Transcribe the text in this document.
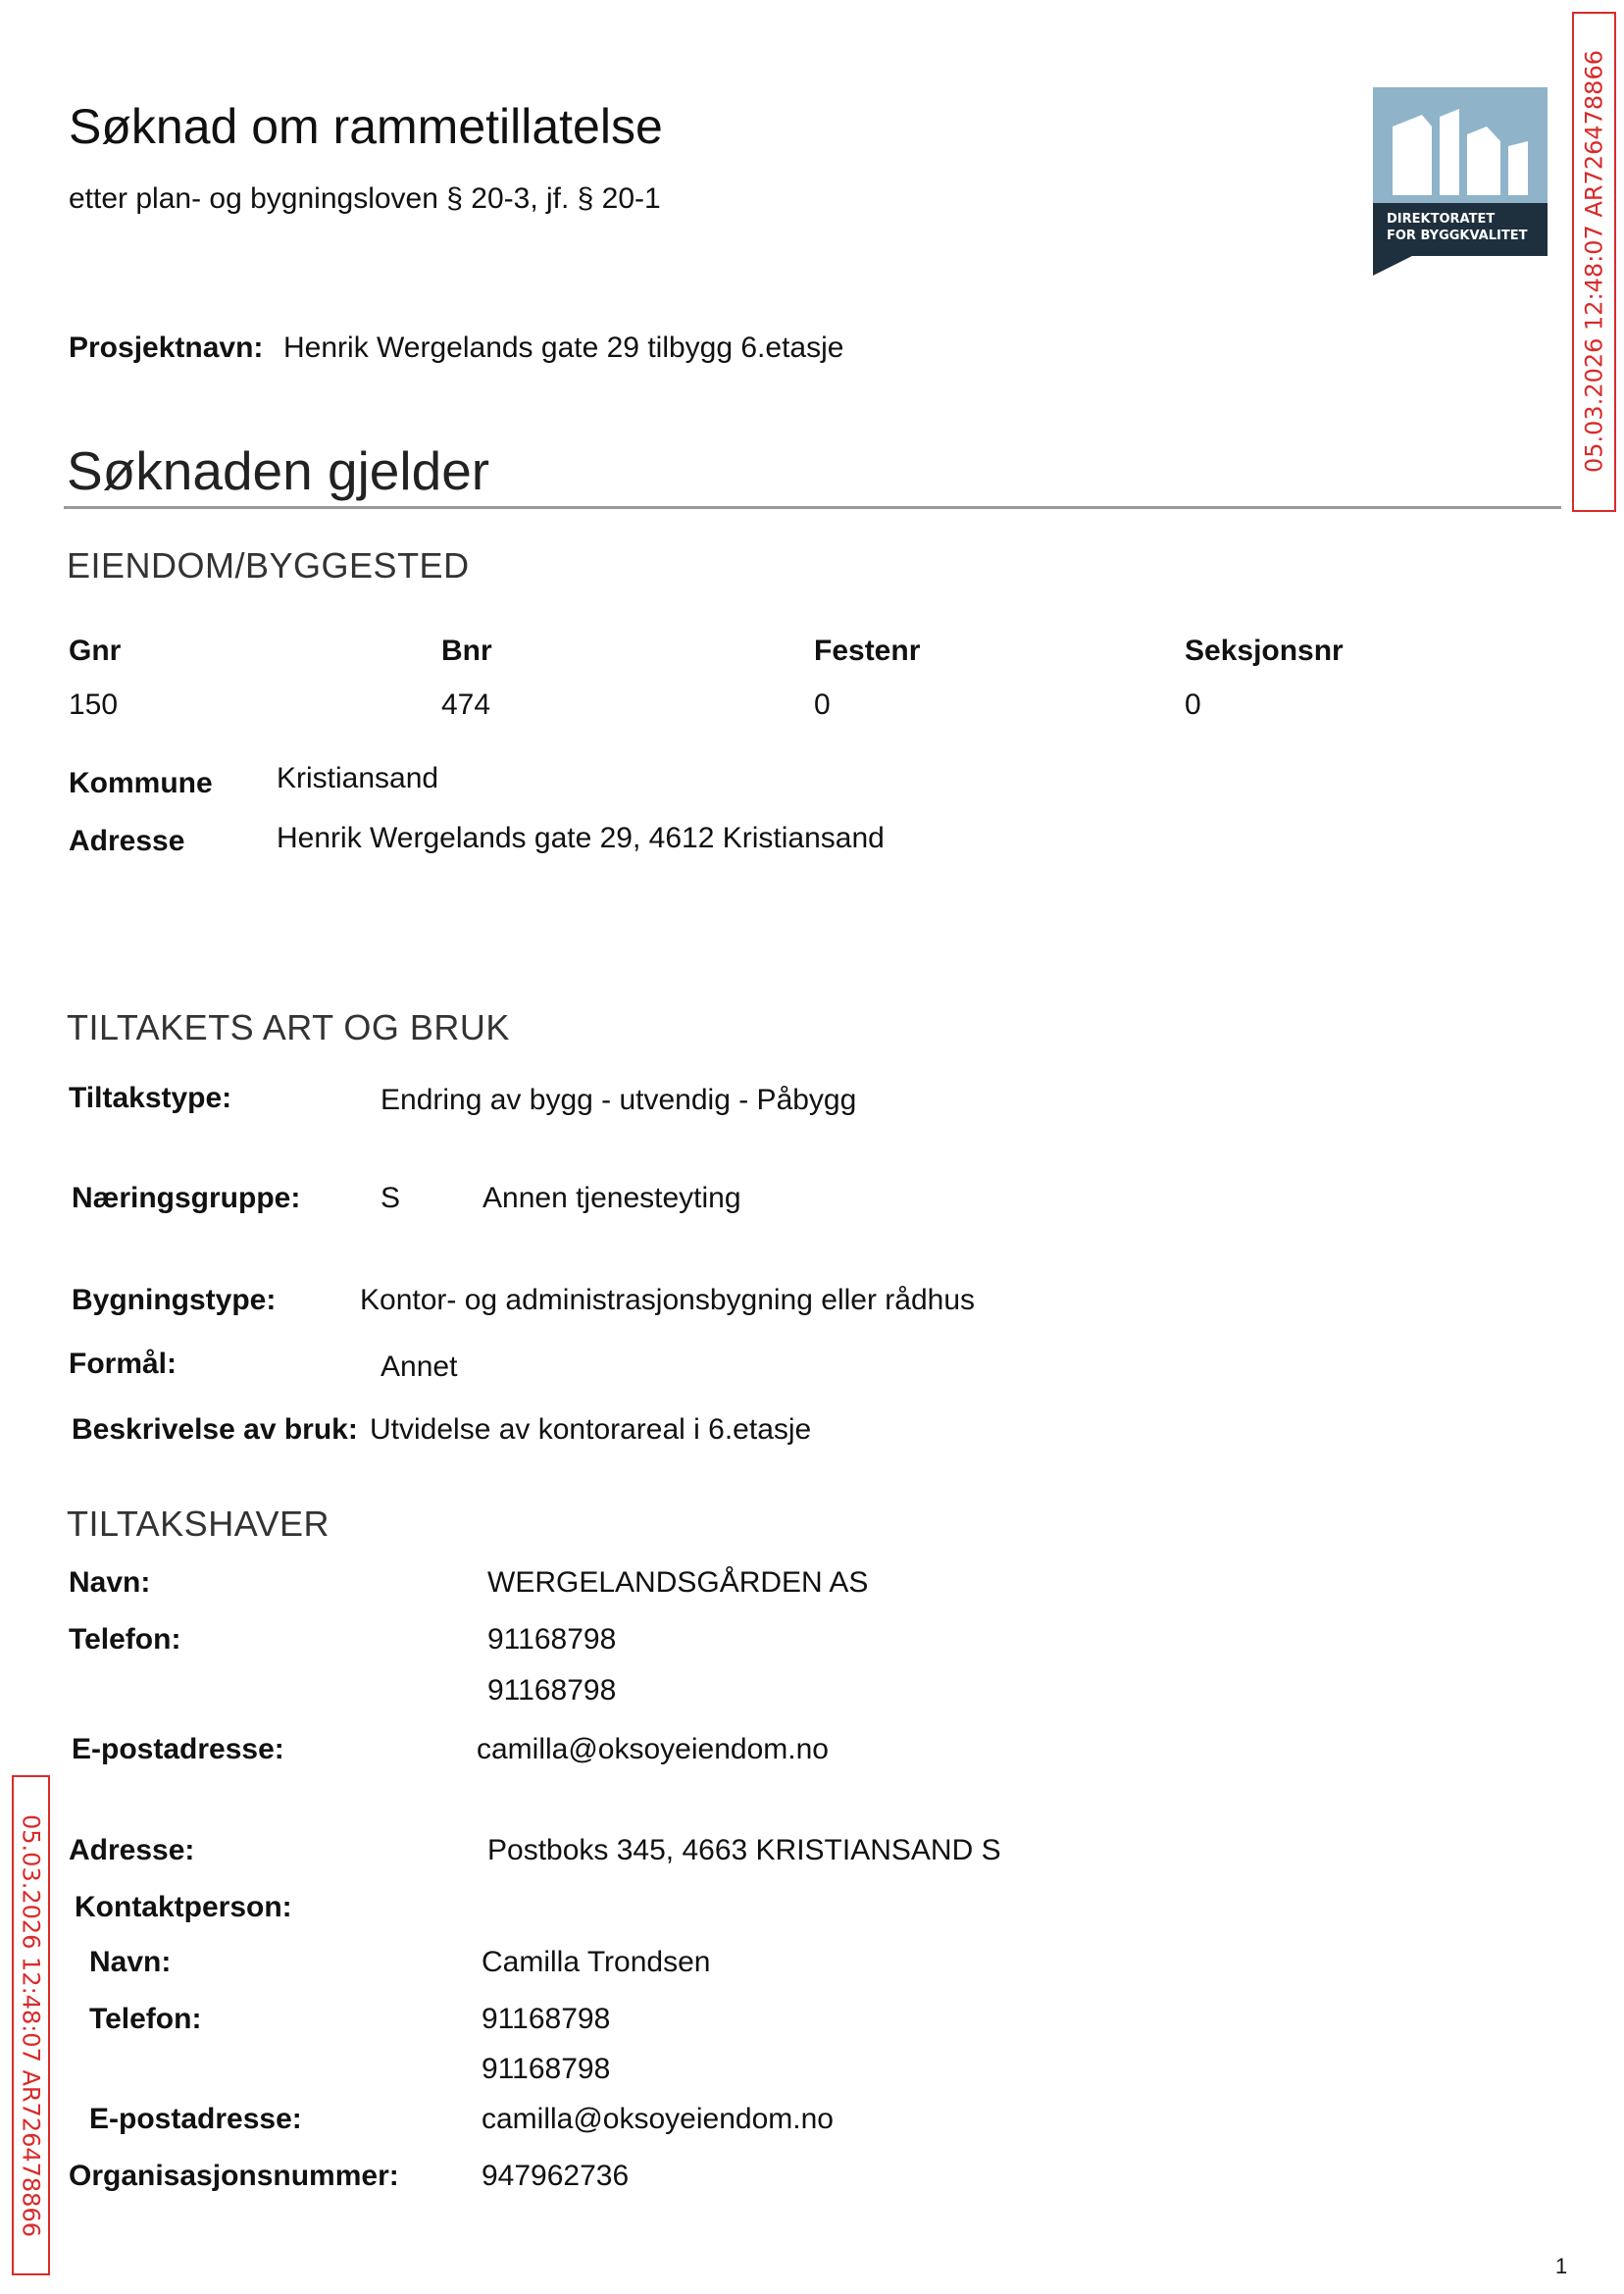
Søknad om rammetillatelse
etter plan- og bygningsloven § 20-3, jf. § 20-1
DIREKTORATET
FOR BYGGKVALITET	05.03.2026 12:48:07 AR726478866
05.03.2026 12:48:07 AR726478866
Prosjektnavn: Henrik Wergelands gate 29 tilbygg 6.etasje
Søknaden gjelder
EIENDOM/BYGGESTED
Gnr	Bnr	Festenr	Seksjonsnr
150	474	0	0
Kommune Kristiansand
Adresse	Henrik Wergelands gate 29, 4612 Kristiansand
TILTAKETS ART OG BRUK
Tiltakstype:	Endring av bygg - utvendig - Påbygg
Næringsgruppe:	S	Annen tjenesteyting
Bygningstype:	Kontor- og administrasjonsbygning eller rådhus
Formål:	Annet
Beskrivelse av bruk: Utvidelse av kontorareal i 6.etasje
TILTAKSHAVER
Navn:	WERGELANDSGÅRDEN AS
Telefon:	91168798
91168798
E-postadresse:	camilla@oksoyeiendom.no
Adresse:	Postboks 345, 4663 KRISTIANSAND S
Kontaktperson:
Navn:	Camilla Trondsen
Telefon:	91168798
91168798
E-postadresse:	camilla@oksoyeiendom.no
Organisasjonsnummer:	947962736
1
